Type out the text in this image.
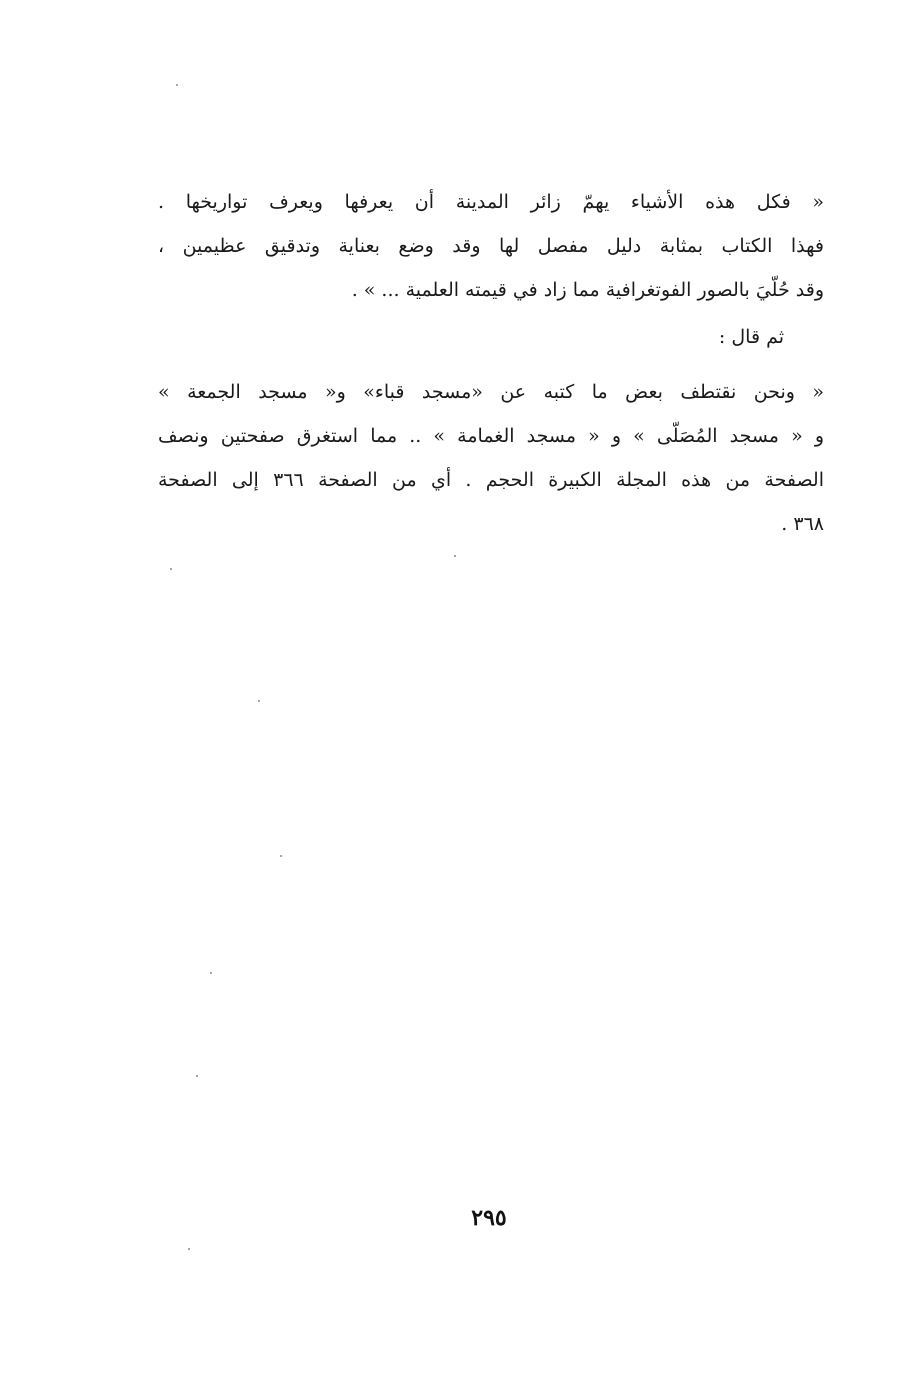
« فكل هذه الأشياء يهمّ زائر المدينة أن يعرفها ويعرف تواريخها .
فهذا الكتاب بمثابة دليل مفصل لها وقد وضع بعناية وتدقيق عظيمين ،
وقد حُلّيَ بالصور الفوتغرافية مما زاد في قيمته العلمية ... » .
ثم قال :
« ونحن نقتطف بعض ما كتبه عن «مسجد قباء» و« مسجد الجمعة »
و « مسجد المُصَلّى » و « مسجد الغمامة » .. مما استغرق صفحتين ونصف
الصفحة من هذه المجلة الكبيرة الحجم . أي من الصفحة ٣٦٦ إلى الصفحة
٣٦٨ .
٢٩٥
